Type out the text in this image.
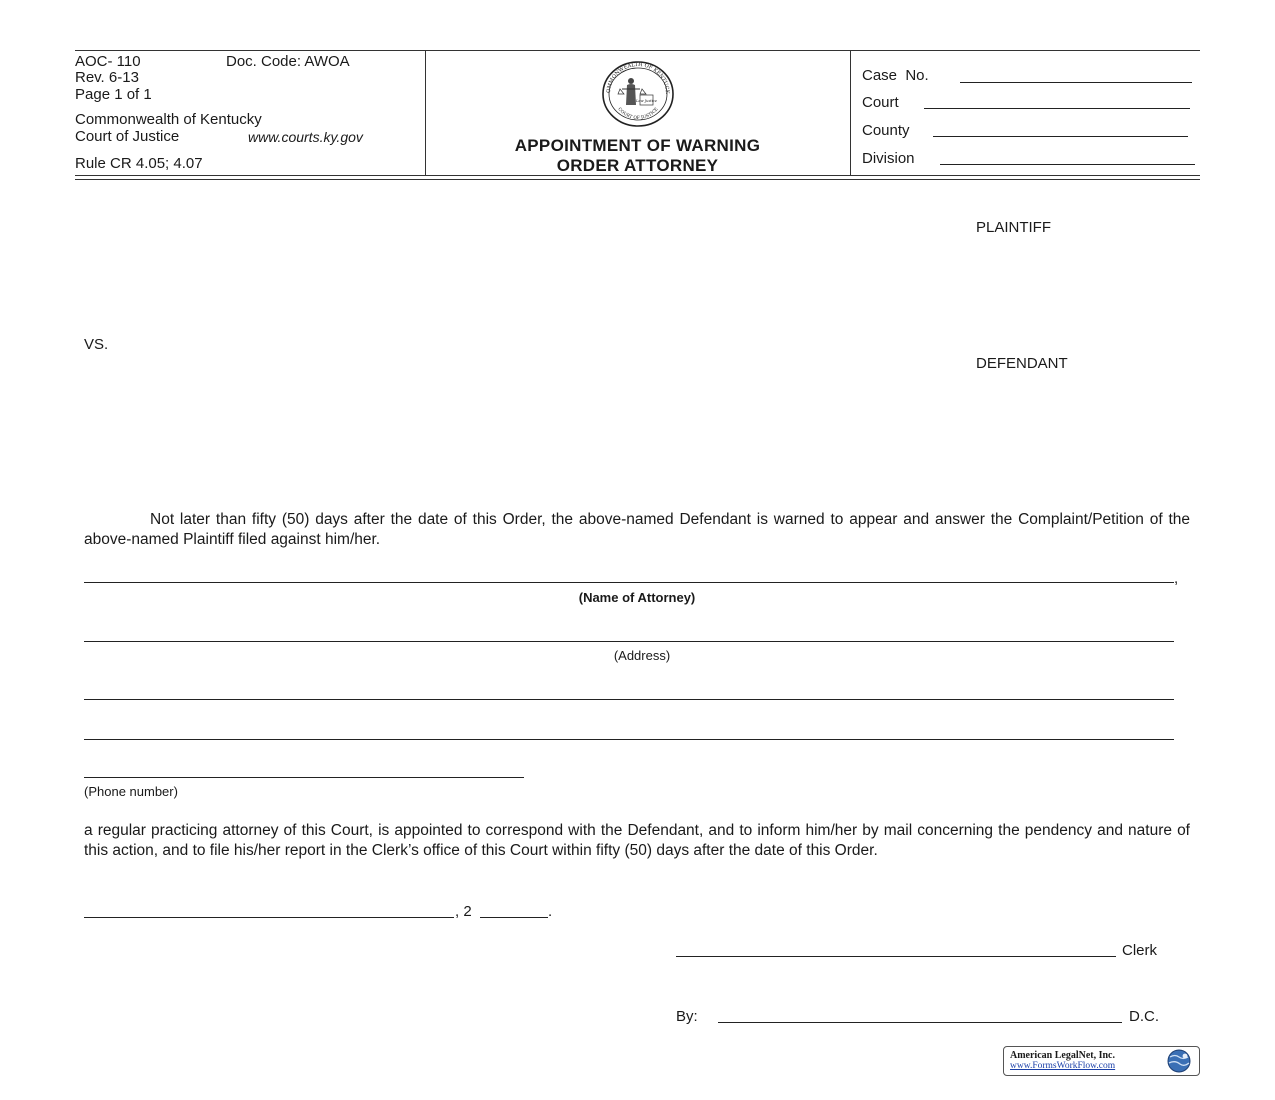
AOC- 110	Doc. Code: AWOA
Rev. 6-13
Page 1 of 1
Commonwealth of Kentucky
Court of Justice	www.courts.ky.gov
Rule CR 4.05; 4.07
OMMONWEALTH OF KENTUCK
COURT OF JUSTICE
Law Justice
APPOINTMENT OF WARNING
ORDER ATTORNEY
Case  No.
Court
County
Division
PLAINTIFF
VS.
DEFENDANT
Not later than fifty (50) days after the date of this Order, the above-named Defendant is warned to appear and answer the Complaint/Petition of the above-named Plaintiff filed against him/her.
,
(Name of Attorney)
(Address)
(Phone number)
a regular practicing attorney of this Court, is appointed to correspond with the Defendant, and to inform him/her by mail concerning the pendency and nature of this action, and to file his/her report in the Clerk’s office of this Court within fifty (50) days after the date of this Order.
, 2	.
Clerk
By:	D.C.
American LegalNet, Inc.
www.FormsWorkFlow.com
